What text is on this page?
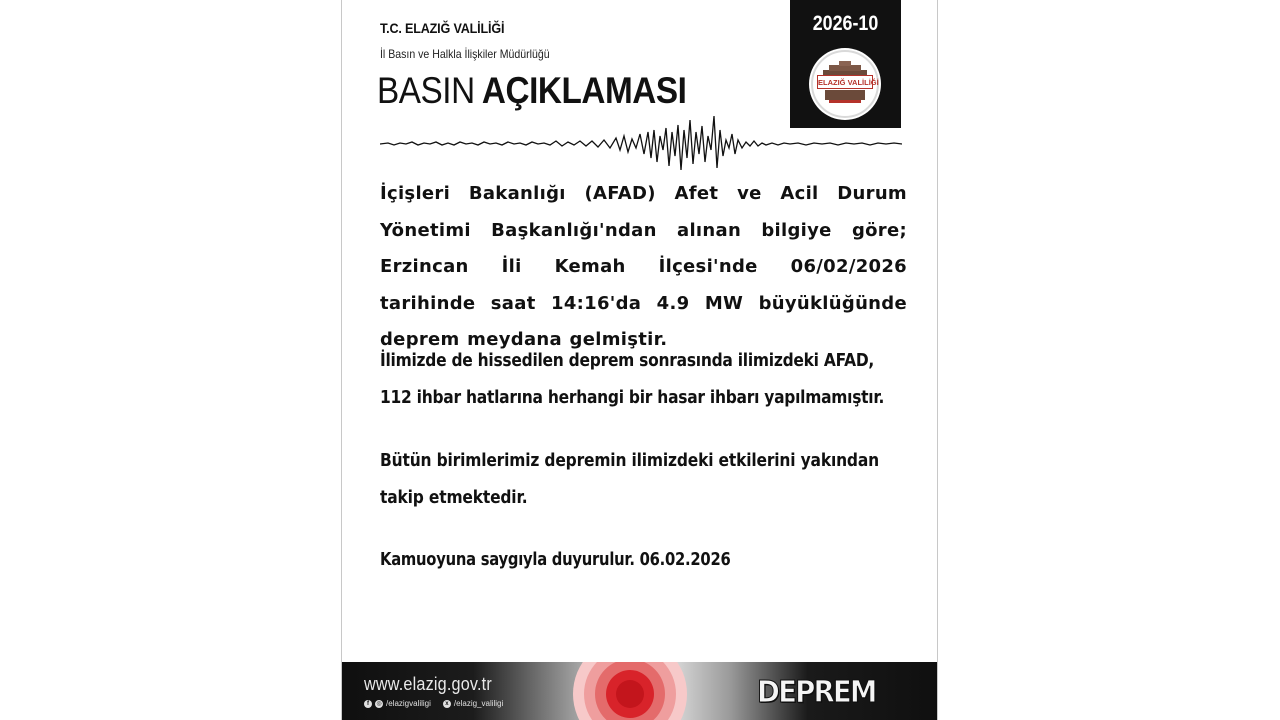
T.C. ELAZIĞ VALİLİĞİ
İl Basın ve Halkla İlişkiler Müdürlüğü
BASIN AÇIKLAMASI
2026-10
ELAZIĞ VALİLİĞİ

İçişleri Bakanlığı (AFAD) Afet ve Acil Durum Yönetimi Başkanlığı'ndan alınan bilgiye göre; Erzincan İli Kemah İlçesi'nde 06/02/2026 tarihinde saat 14:16'da 4.9 MW büyüklüğünde deprem meydana gelmiştir.

İlimizde de hissedilen deprem sonrasında ilimizdeki AFAD, 112 ihbar hatlarına herhangi bir hasar ihbarı yapılmamıştır.

Bütün birimlerimiz depremin ilimizdeki etkilerini yakından takip etmektedir.

Kamuoyuna saygıyla duyurulur. 06.02.2026

www.elazig.gov.tr
f	◎ /elazigvaliligi	x /elazig_valiligi	DEPREM
